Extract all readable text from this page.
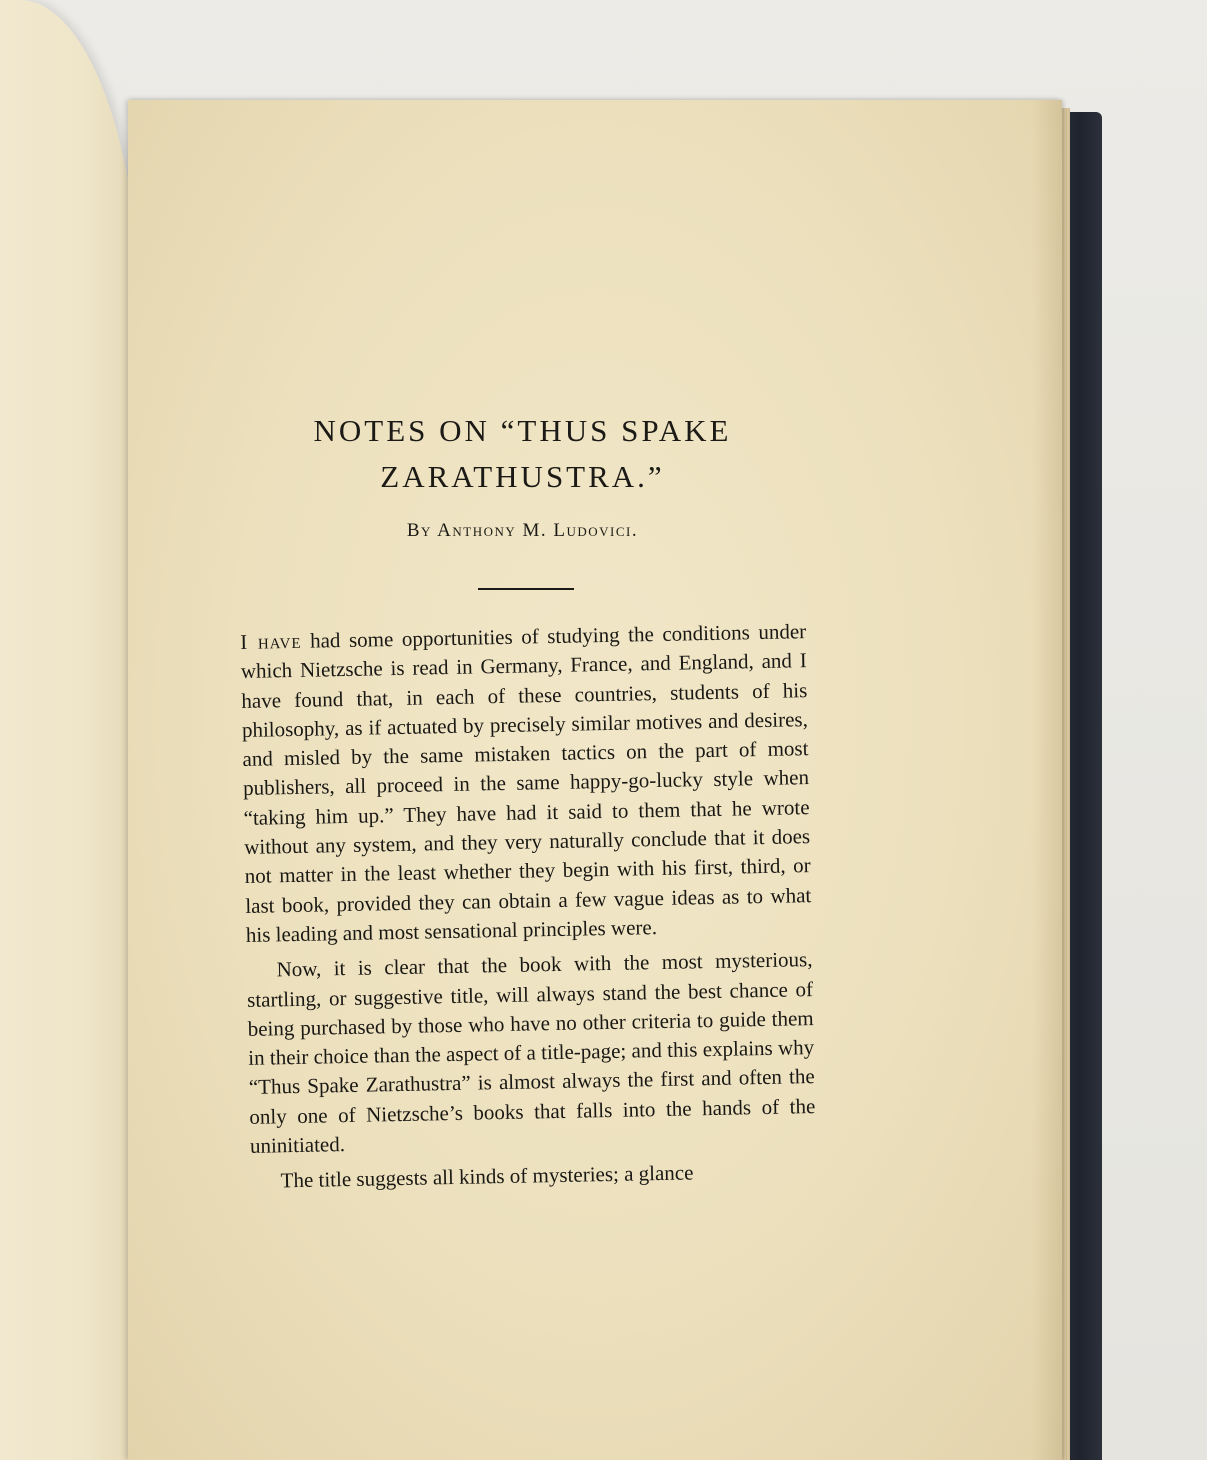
NOTES ON “THUS SPAKE
ZARATHUSTRA.”

By Anthony M. Ludovici.

I have had some opportunities of studying the conditions under which Nietzsche is read in Germany, France, and England, and I have found that, in each of these countries, students of his philosophy, as if actuated by precisely similar motives and desires, and misled by the same mistaken tactics on the part of most publishers, all proceed in the same happy-go-lucky style when “taking him up.” They have had it said to them that he wrote without any system, and they very naturally conclude that it does not matter in the least whether they begin with his first, third, or last book, provided they can obtain a few vague ideas as to what his leading and most sensational principles were.

Now, it is clear that the book with the most mysterious, startling, or suggestive title, will always stand the best chance of being purchased by those who have no other criteria to guide them in their choice than the aspect of a title-page; and this explains why “Thus Spake Zarathustra” is almost always the first and often the only one of Nietzsche’s books that falls into the hands of the uninitiated.

The title suggests all kinds of mysteries; a glance
